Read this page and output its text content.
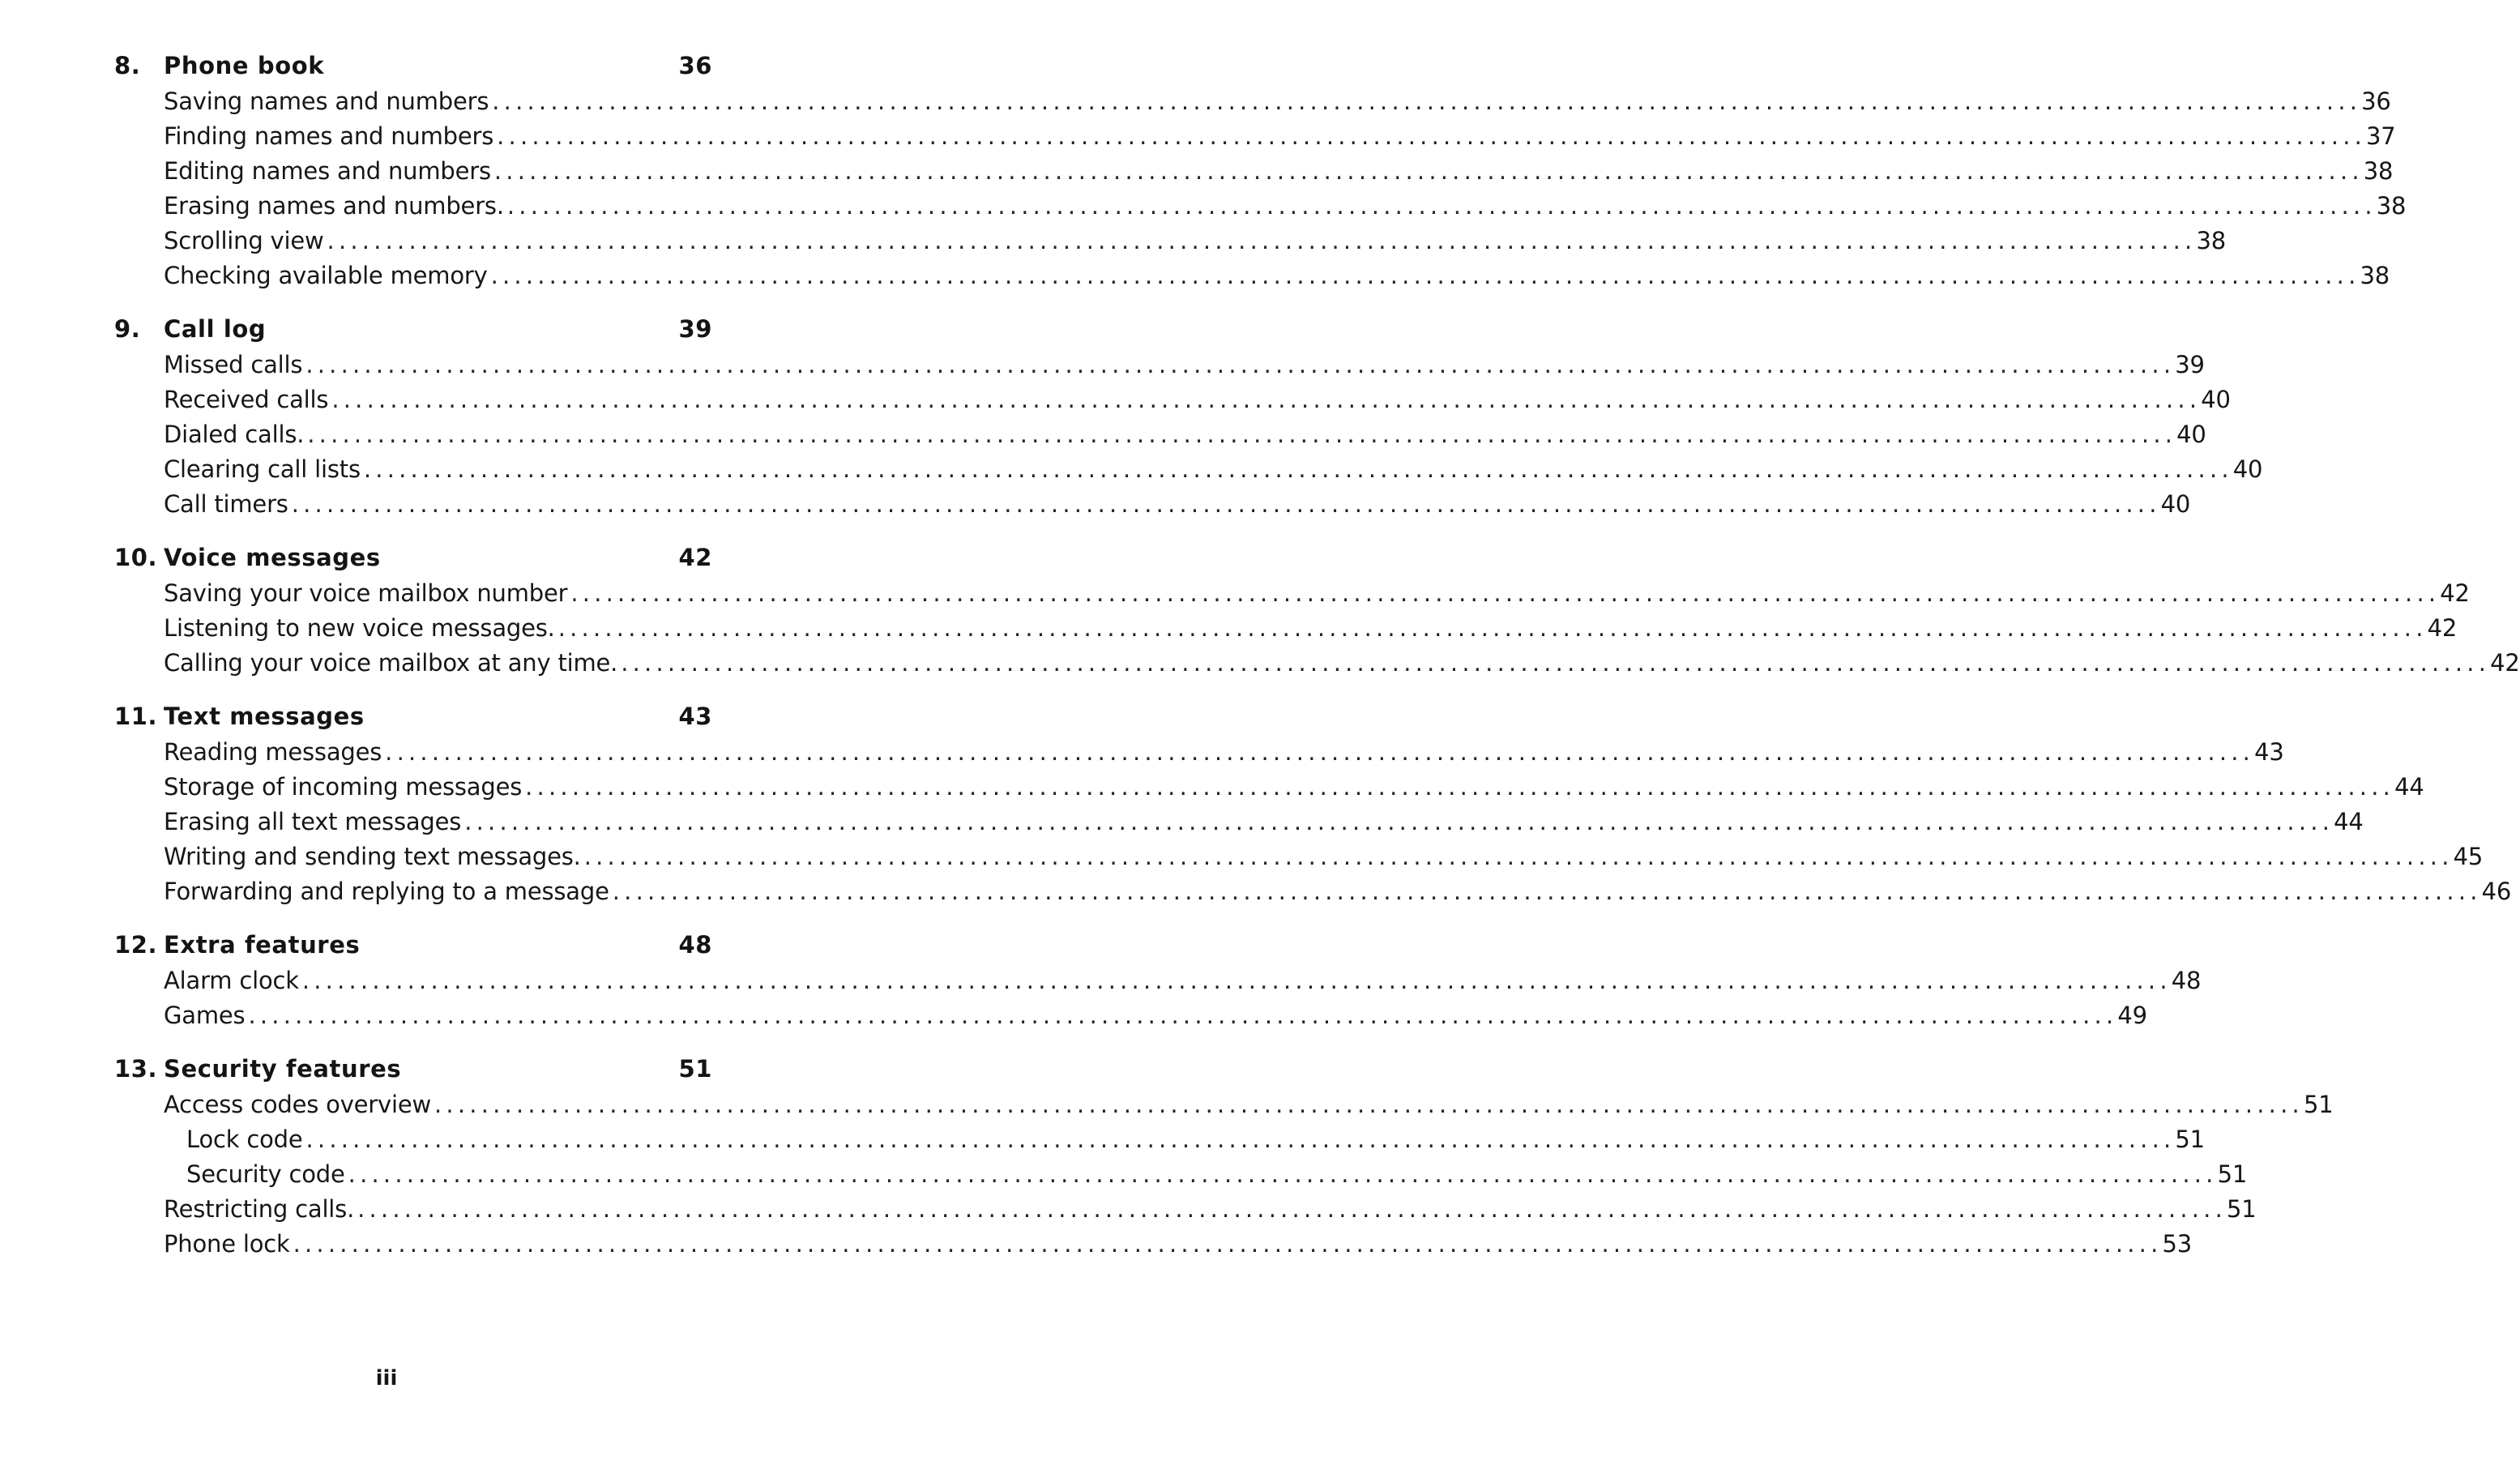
8. Phone book	36
Saving names and numbers ................................................................................................................................................................ 36
Finding names and numbers ................................................................................................................................................................ 37
Editing names and numbers ................................................................................................................................................................ 38
Erasing names and numbers. ................................................................................................................................................................ 38
Scrolling view ................................................................................................................................................................ 38
Checking available memory ................................................................................................................................................................ 38
9. Call log	39
Missed calls ................................................................................................................................................................ 39
Received calls ................................................................................................................................................................ 40
Dialed calls. ................................................................................................................................................................ 40
Clearing call lists ................................................................................................................................................................ 40
Call timers ................................................................................................................................................................ 40
10. Voice messages	42
Saving your voice mailbox number ................................................................................................................................................................ 42
Listening to new voice messages. ................................................................................................................................................................ 42
Calling your voice mailbox at any time. ................................................................................................................................................................ 42
11. Text messages	43
Reading messages ................................................................................................................................................................ 43
Storage of incoming messages ................................................................................................................................................................ 44
Erasing all text messages ................................................................................................................................................................ 44
Writing and sending text messages. ................................................................................................................................................................ 45
Forwarding and replying to a message ................................................................................................................................................................ 46
12. Extra features	48
Alarm clock ................................................................................................................................................................ 48
Games ................................................................................................................................................................ 49
13. Security features	51
Access codes overview ................................................................................................................................................................ 51
Lock code ................................................................................................................................................................ 51
Security code ................................................................................................................................................................ 51
Restricting calls. ................................................................................................................................................................ 51
Phone lock ................................................................................................................................................................ 53
iii
